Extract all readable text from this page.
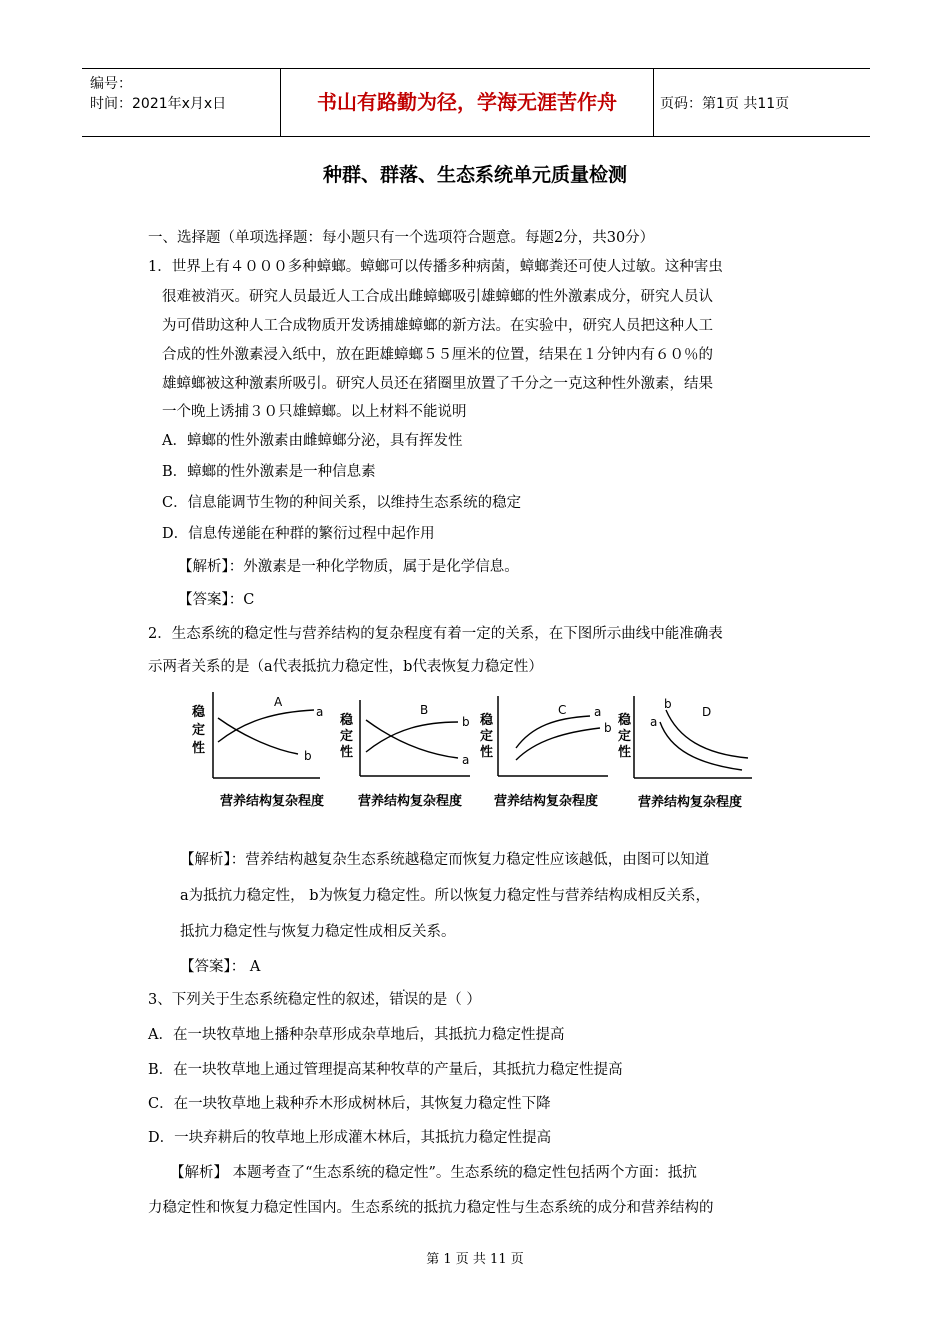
编号：
时间：2021年x月x日	书山有路勤为径，学海无涯苦作舟	页码：第1页 共11页
种群、群落、生态系统单元质量检测
一、选择题（单项选择题：每小题只有一个选项符合题意。每题2分，共30分）
1．世界上有４０００多种蟑螂。蟑螂可以传播多种病菌，蟑螂粪还可使人过敏。这种害虫
很难被消灭。研究人员最近人工合成出雌蟑螂吸引雄蟑螂的性外激素成分，研究人员认
为可借助这种人工合成物质开发诱捕雄蟑螂的新方法。在实验中，研究人员把这种人工
合成的性外激素浸入纸中，放在距雄蟑螂５５厘米的位置，结果在１分钟内有６０％的
雄蟑螂被这种激素所吸引。研究人员还在猪圈里放置了千分之一克这种性外激素，结果
一个晚上诱捕３０只雄蟑螂。以上材料不能说明
A．蟑螂的性外激素由雌蟑螂分泌，具有挥发性
B．蟑螂的性外激素是一种信息素
C．信息能调节生物的种间关系，以维持生态系统的稳定
D．信息传递能在种群的繁衍过程中起作用
【解析】：外激素是一种化学物质，属于是化学信息。
【答案】：C
2．生态系统的稳定性与营养结构的复杂程度有着一定的关系，在下图所示曲线中能准确表
示两者关系的是（a代表抵抗力稳定性，b代表恢复力稳定性）
稳
定
性
营养结构复杂程度
A
a
b
稳
定
性
营养结构复杂程度
B
b
a
稳
定
性
营养结构复杂程度
C a
b 稳
定
性
营养结构复杂程度
D
b
a
【解析】：营养结构越复杂生态系统越稳定而恢复力稳定性应该越低，由图可以知道
a为抵抗力稳定性， b为恢复力稳定性。所以恢复力稳定性与营养结构成相反关系，
抵抗力稳定性与恢复力稳定性成相反关系。
【答案】： A
3、下列关于生态系统稳定性的叙述，错误的是（ ）
A．在一块牧草地上播种杂草形成杂草地后，其抵抗力稳定性提高
B．在一块牧草地上通过管理提高某种牧草的产量后，其抵抗力稳定性提高
C．在一块牧草地上栽种乔木形成树林后，其恢复力稳定性下降
D．一块弃耕后的牧草地上形成灌木林后，其抵抗力稳定性提高
【解析】 本题考查了“生态系统的稳定性”。生态系统的稳定性包括两个方面：抵抗
力稳定性和恢复力稳定性国内。生态系统的抵抗力稳定性与生态系统的成分和营养结构的
第 1 页 共 11 页
